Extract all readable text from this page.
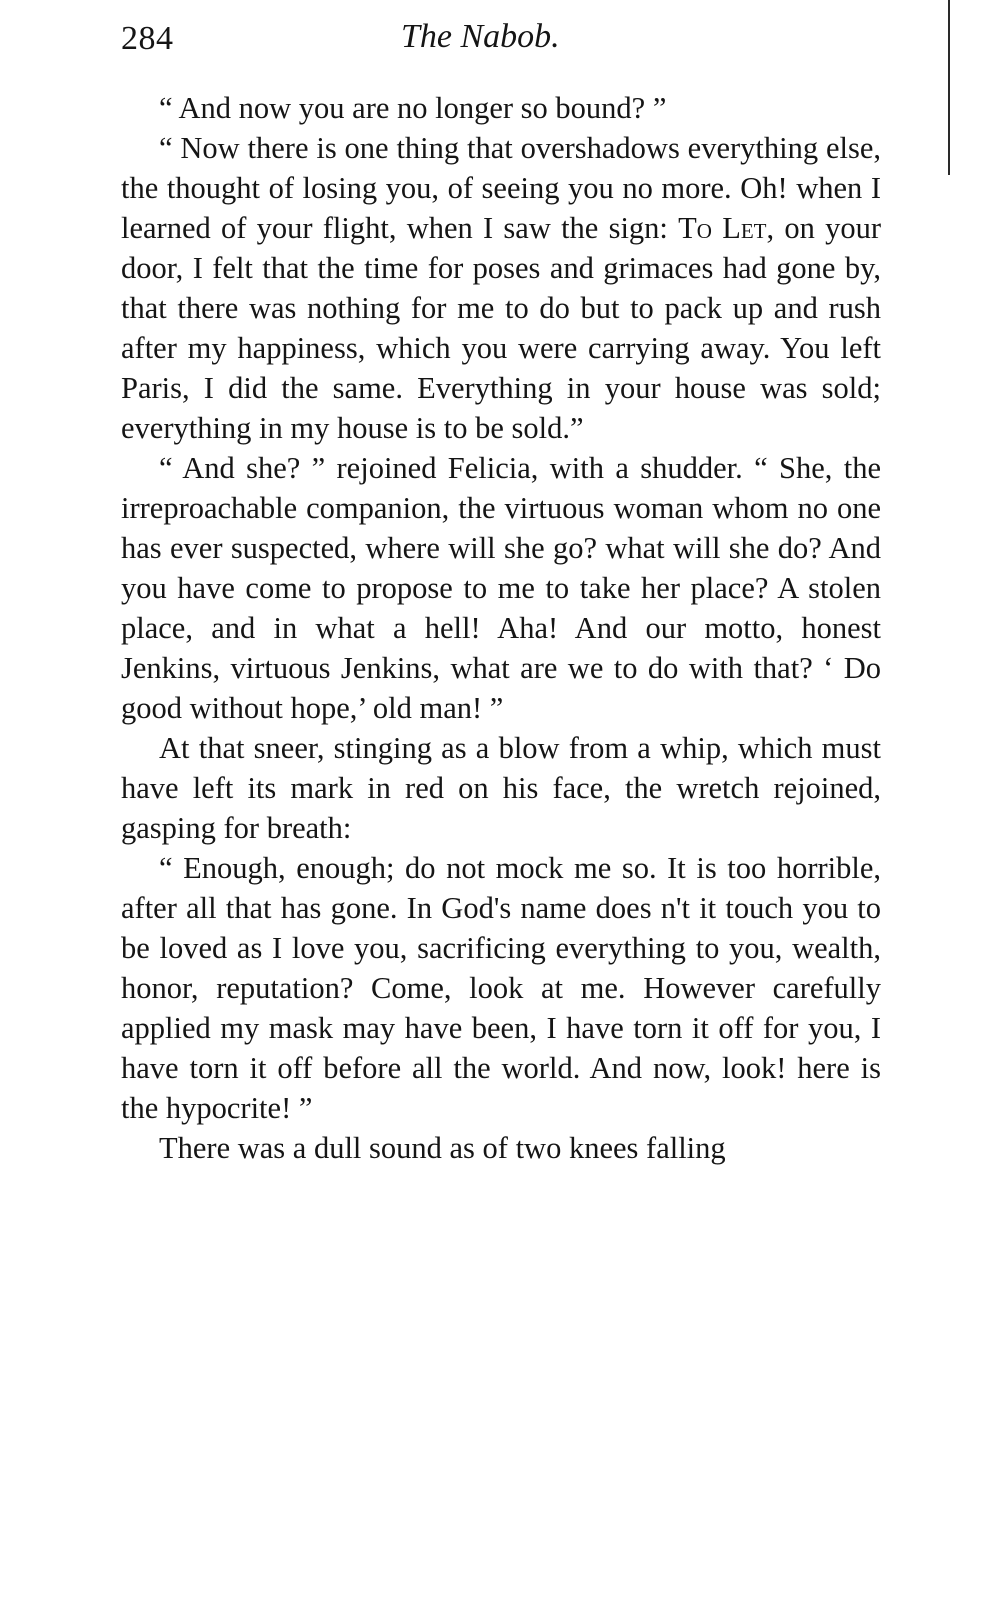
284	The Nabob.

“ And now you are no longer so bound? ”

“ Now there is one thing that overshadows everything else, the thought of losing you, of seeing you no more. Oh! when I learned of your flight, when I saw the sign: To Let, on your door, I felt that the time for poses and grimaces had gone by, that there was nothing for me to do but to pack up and rush after my happiness, which you were carrying away. You left Paris, I did the same. Everything in your house was sold; everything in my house is to be sold.”

“ And she? ” rejoined Felicia, with a shudder. “ She, the irreproachable companion, the virtuous woman whom no one has ever suspected, where will she go? what will she do? And you have come to propose to me to take her place? A stolen place, and in what a hell! Aha! And our motto, honest Jenkins, virtuous Jenkins, what are we to do with that? ‘ Do good without hope,’ old man! ”

At that sneer, stinging as a blow from a whip, which must have left its mark in red on his face, the wretch rejoined, gasping for breath:

“ Enough, enough; do not mock me so. It is too horrible, after all that has gone. In God's name does n't it touch you to be loved as I love you, sacrificing everything to you, wealth, honor, reputation? Come, look at me. However carefully applied my mask may have been, I have torn it off for you, I have torn it off before all the world. And now, look! here is the hypocrite! ”

There was a dull sound as of two knees falling
